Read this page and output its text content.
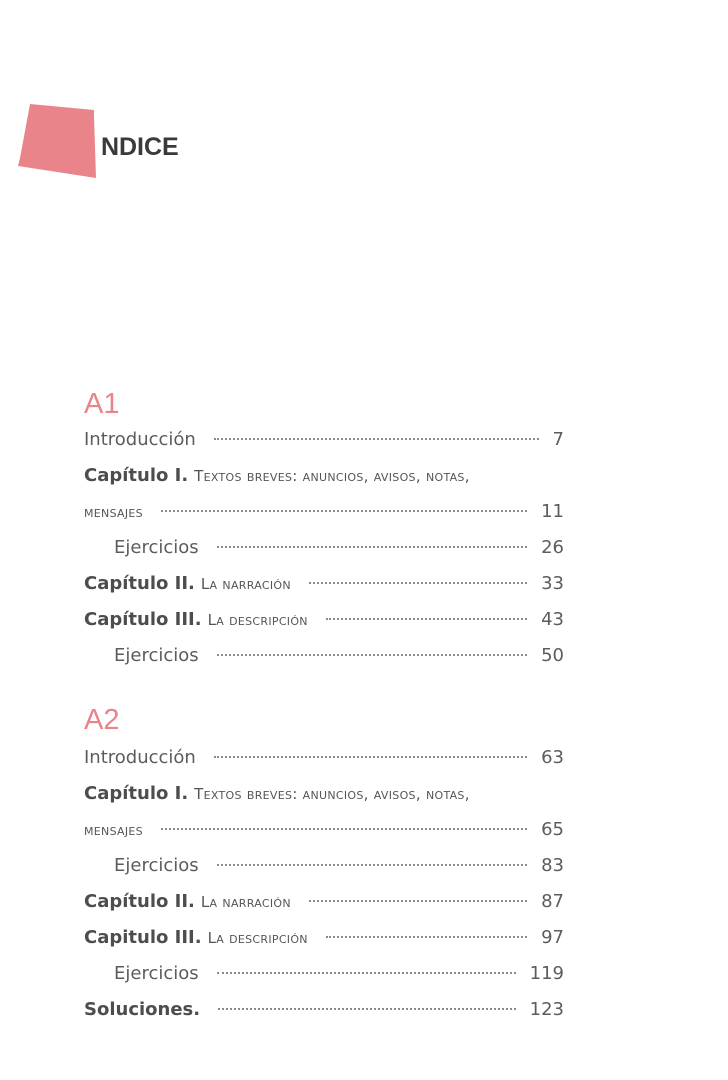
ÍNDICE
A1
Introducción	7
Capítulo I. Textos breves: anuncios, avisos, notas,
mensajes	11
Ejercicios	26
Capítulo II. La narración	33
Capítulo III. La descripción	43
Ejercicios	50
A2
Introducción	63
Capítulo I. Textos breves: anuncios, avisos, notas,
mensajes	65
Ejercicios	83
Capítulo II. La narración	87
Capitulo III. La descripción	97
Ejercicios	119
Soluciones.	123
